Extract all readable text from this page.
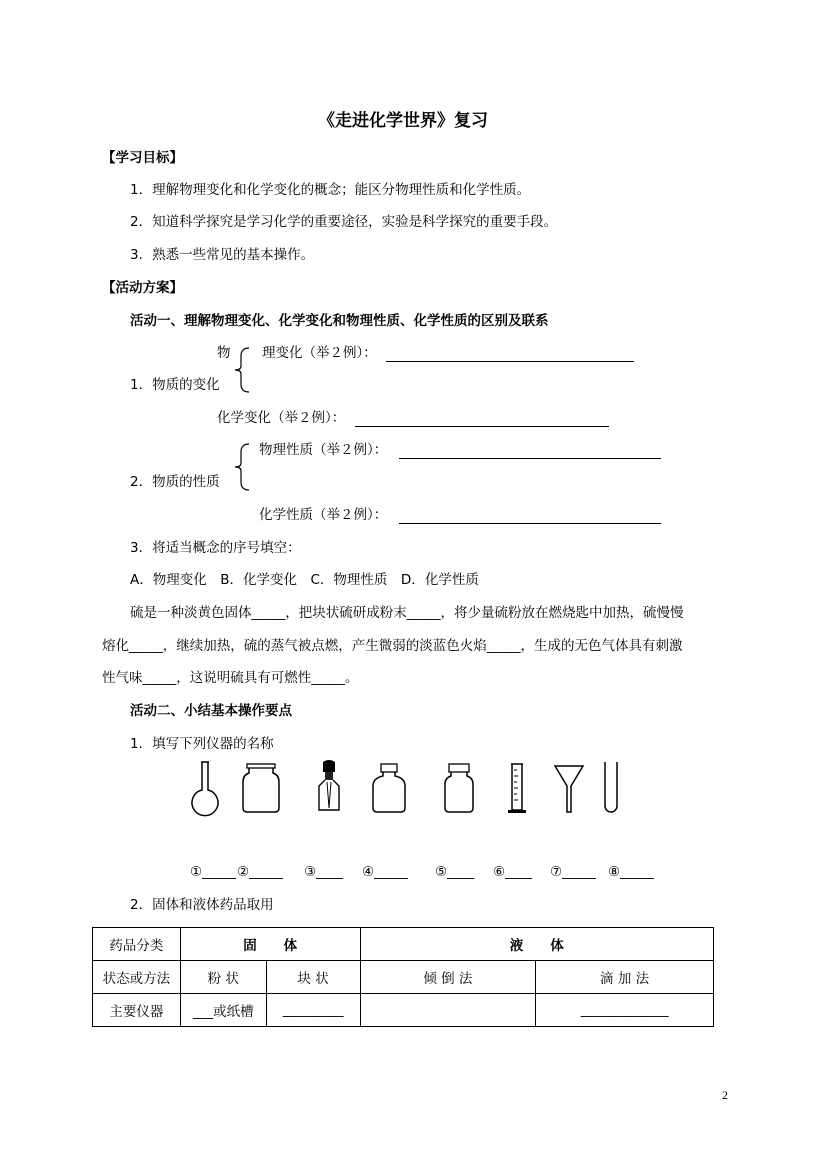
《走进化学世界》复习
【学习目标】
1．理解物理变化和化学变化的概念；能区分物理性质和化学性质。
2．知道科学探究是学习化学的重要途径，实验是科学探究的重要手段。
3．熟悉一些常见的基本操作。
【活动方案】
活动一、理解物理变化、化学变化和物理性质、化学性质的区别及联系
物 理变化（举２例）：
1．物质的变化
化学变化（举２例）：
物理性质（举２例）：
2．物质的性质
化学性质（举２例）：
3．将适当概念的序号填空：
A．物理变化　B．化学变化　C．物理性质　D．化学性质
硫是一种淡黄色固体_____，把块状硫研成粉末_____，将少量硫粉放在燃烧匙中加热，硫慢慢
熔化_____，继续加热，硫的蒸气被点燃，产生微弱的淡蓝色火焰_____，生成的无色气体具有刺激
性气味_____，这说明硫具有可燃性_____。
活动二、小结基本操作要点
1．填写下列仪器的名称
①_____ ②_____ ③____ ④_____ ⑤____ ⑥____ ⑦_____ ⑧_____
2．固体和液体药品取用
药品分类	固　　体		液　　体	
状态或方法	粉 状	块 状	倾 倒 法	滴 加 法
主要仪器	___或纸槽	_________		_____________
2
